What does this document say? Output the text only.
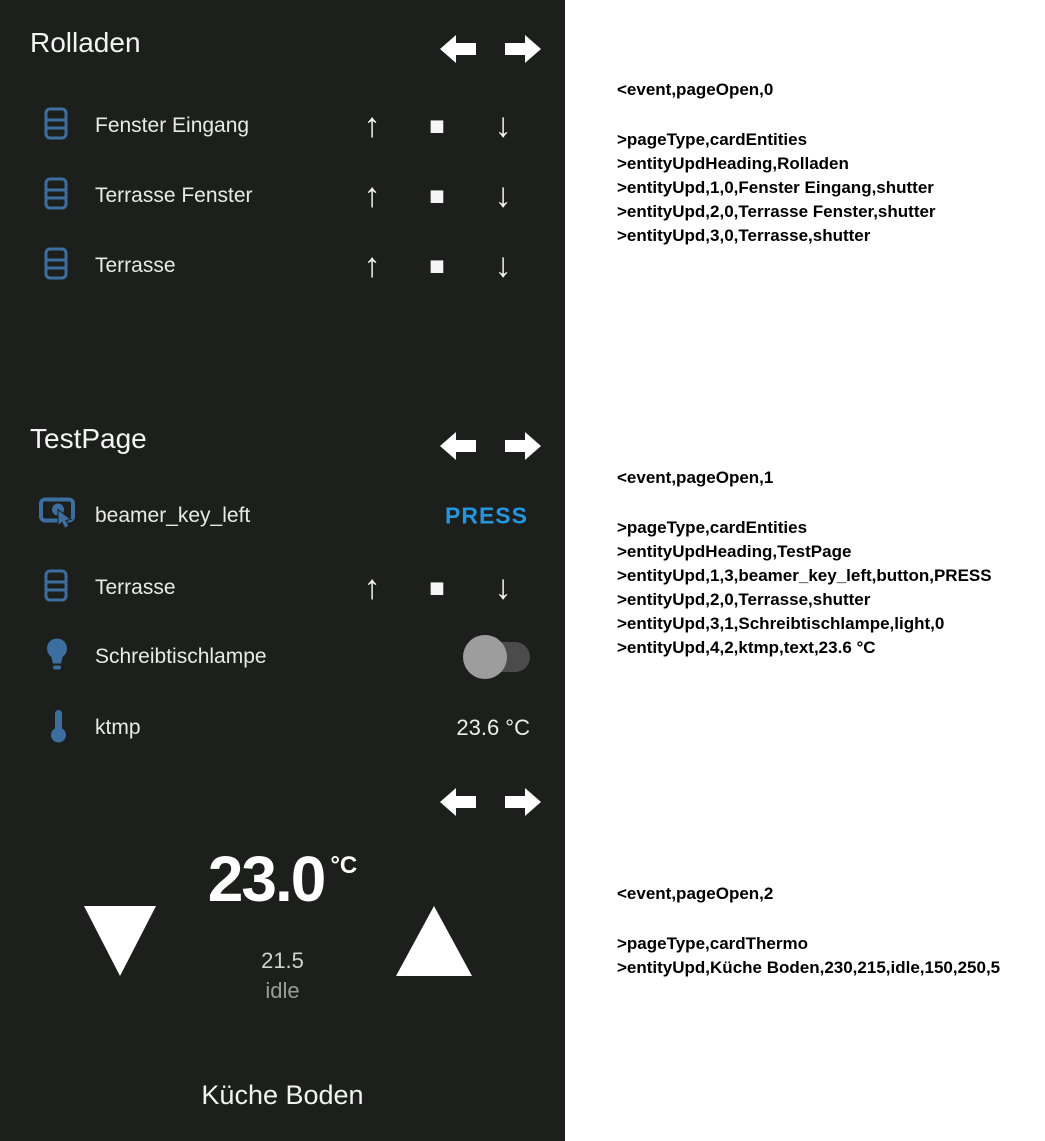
Rolladen
Fenster Eingang	↑	■ ↓
Terrasse Fenster	↑	■ ↓
Terrasse	↑	■ ↓
TestPage
beamer_key_left	PRESS
Terrasse	↑	■ ↓
Schreibtischlampe
ktmp	23.6 °C
23.0 °C
21.5
idle
Küche Boden
<event,pageOpen,0
>pageType,cardEntities
>entityUpdHeading,Rolladen
>entityUpd,1,0,Fenster Eingang,shutter
>entityUpd,2,0,Terrasse Fenster,shutter
>entityUpd,3,0,Terrasse,shutter
<event,pageOpen,1
>pageType,cardEntities
>entityUpdHeading,TestPage
>entityUpd,1,3,beamer_key_left,button,PRESS
>entityUpd,2,0,Terrasse,shutter
>entityUpd,3,1,Schreibtischlampe,light,0
>entityUpd,4,2,ktmp,text,23.6 °C
<event,pageOpen,2
>pageType,cardThermo
>entityUpd,Küche Boden,230,215,idle,150,250,5
